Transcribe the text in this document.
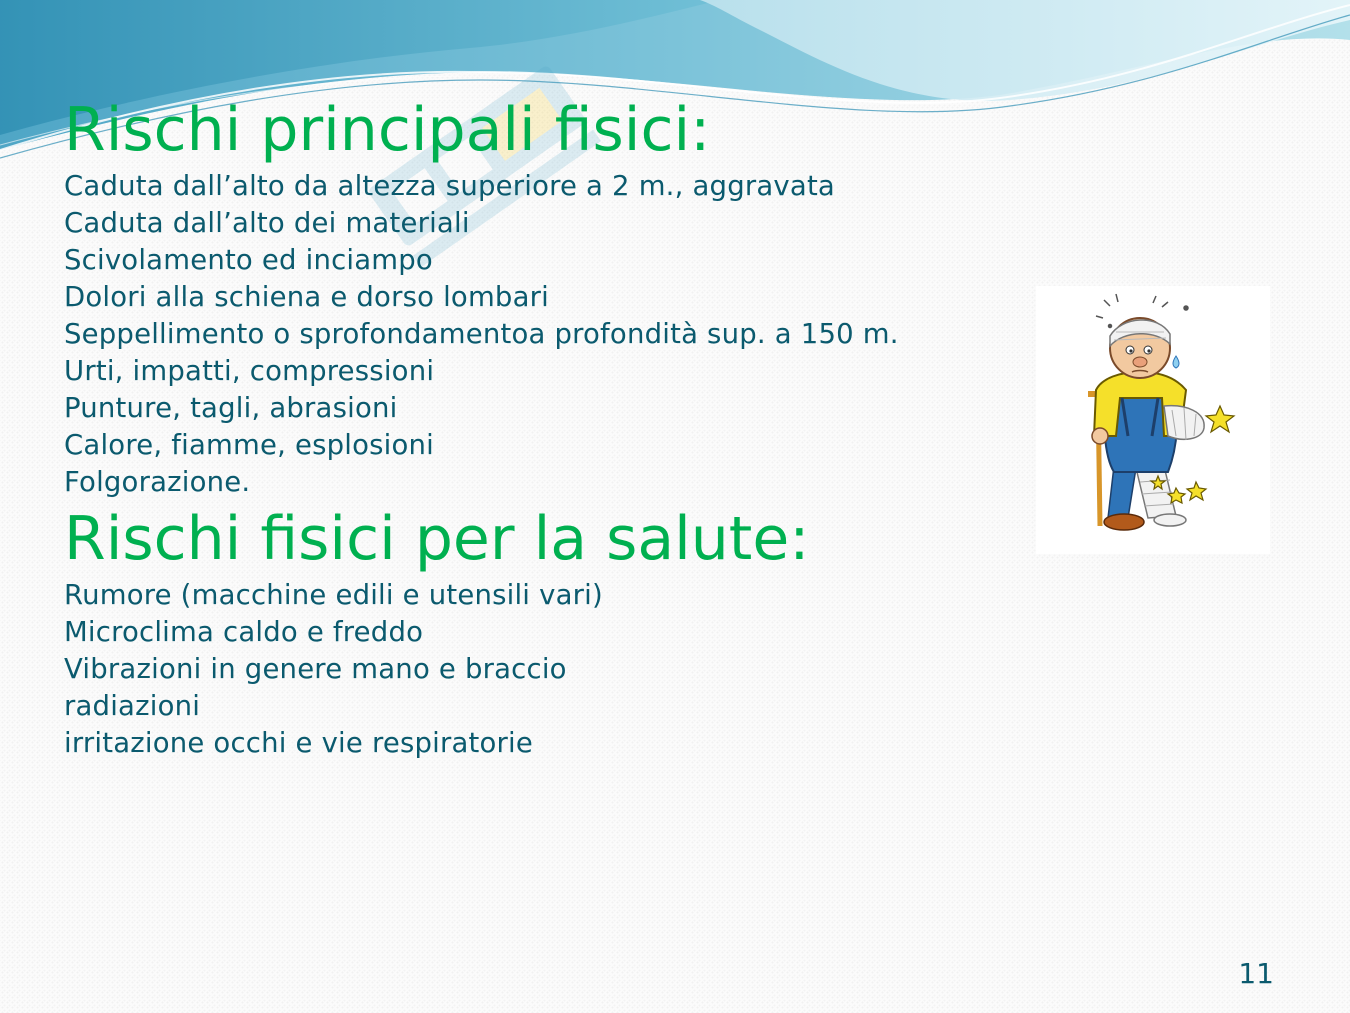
Rischi principali fisici:
Caduta dall’alto da altezza superiore a 2 m., aggravata
Caduta dall’alto dei materiali
Scivolamento ed inciampo
Dolori alla schiena e dorso lombari
Seppellimento o sprofondamentoa profondità sup. a 150 m.
Urti, impatti, compressioni
Punture, tagli, abrasioni
Calore, fiamme, esplosioni
Folgorazione.
Rischi fisici per la salute:
Rumore (macchine edili e utensili vari)
Microclima caldo e freddo
Vibrazioni in genere mano e braccio
radiazioni
irritazione occhi e vie respiratorie
11
